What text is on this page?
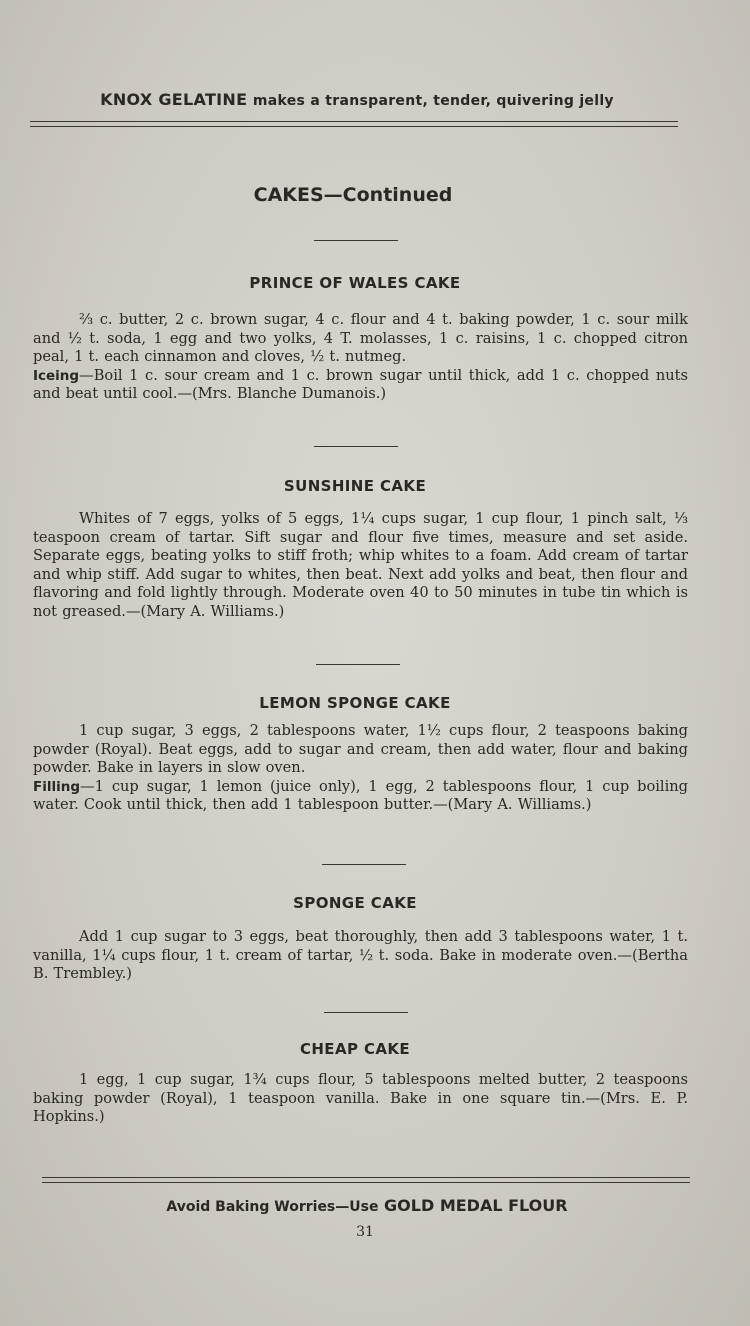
KNOX GELATINE makes a transparent, tender, quivering jelly
CAKES—Continued
PRINCE OF WALES CAKE

⅔ c. butter, 2 c. brown sugar, 4 c. flour and 4 t. baking powder, 1 c. sour milk and ½ t. soda, 1 egg and two yolks, 4 T. molasses, 1 c. raisins, 1 c. chopped citron peal, 1 t. each cinnamon and cloves, ½ t. nutmeg.
Iceing—Boil 1 c. sour cream and 1 c. brown sugar until thick, add 1 c. chopped nuts and beat until cool.—(Mrs. Blanche Dumanois.)

SUNSHINE CAKE

Whites of 7 eggs, yolks of 5 eggs, 1¼ cups sugar, 1 cup flour, 1 pinch salt, ⅓ teaspoon cream of tartar. Sift sugar and flour five times, measure and set aside. Separate eggs, beating yolks to stiff froth; whip whites to a foam. Add cream of tartar and whip stiff. Add sugar to whites, then beat. Next add yolks and beat, then flour and flavoring and fold lightly through. Moderate oven 40 to 50 minutes in tube tin which is not greased.—(Mary A. Williams.)

LEMON SPONGE CAKE

1 cup sugar, 3 eggs, 2 tablespoons water, 1½ cups flour, 2 teaspoons baking powder (Royal). Beat eggs, add to sugar and cream, then add water, flour and baking powder. Bake in layers in slow oven.
Filling—1 cup sugar, 1 lemon (juice only), 1 egg, 2 tablespoons flour, 1 cup boiling water. Cook until thick, then add 1 tablespoon butter.—(Mary A. Williams.)

SPONGE CAKE

Add 1 cup sugar to 3 eggs, beat thoroughly, then add 3 tablespoons water, 1 t. vanilla, 1¼ cups flour, 1 t. cream of tartar, ½ t. soda. Bake in moderate oven.—(Bertha B. Trembley.)

CHEAP CAKE

1 egg, 1 cup sugar, 1¾ cups flour, 5 tablespoons melted butter, 2 teaspoons baking powder (Royal), 1 teaspoon vanilla. Bake in one square tin.—(Mrs. E. P. Hopkins.)

Avoid Baking Worries—Use GOLD MEDAL FLOUR
31
